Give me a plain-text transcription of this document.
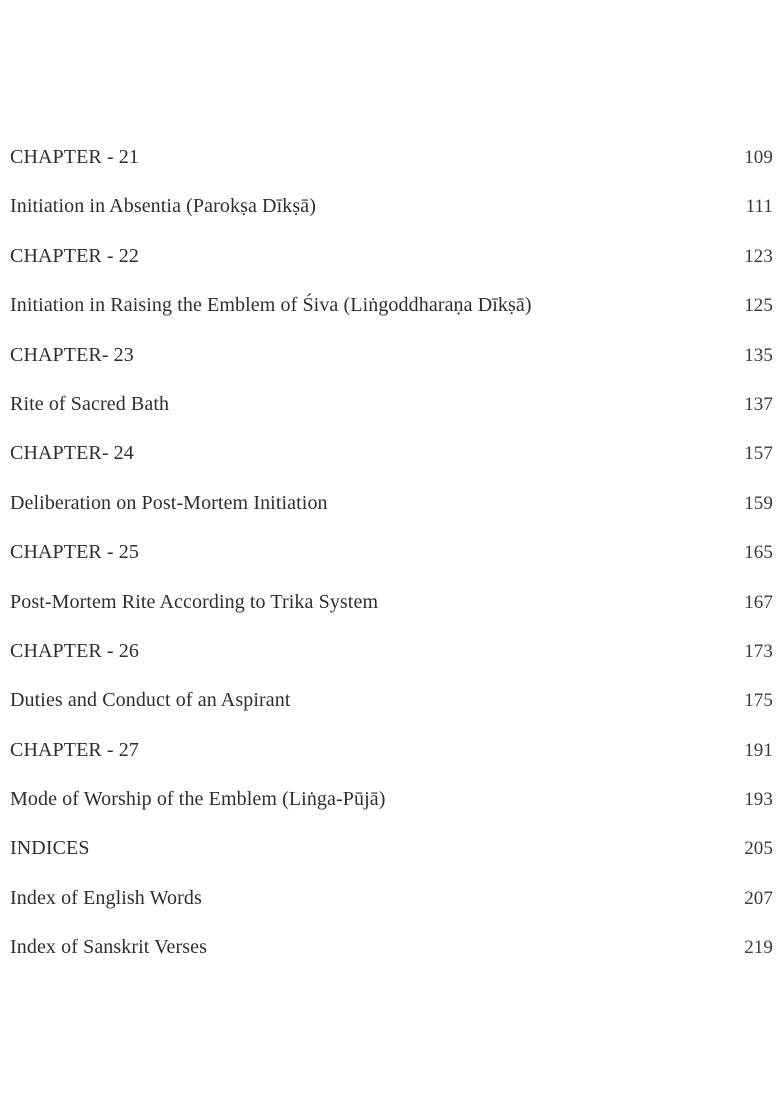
CHAPTER - 21	109
Initiation in Absentia (Parokṣa Dīkṣā)	111
CHAPTER - 22	123
Initiation in Raising the Emblem of Śiva (Liṅgoddharaṇa Dīkṣā)	125
CHAPTER- 23	135
Rite of Sacred Bath	137
CHAPTER- 24	157
Deliberation on Post-Mortem Initiation	159
CHAPTER - 25	165
Post-Mortem Rite According to Trika System	167
CHAPTER - 26	173
Duties and Conduct of an Aspirant	175
CHAPTER - 27	191
Mode of Worship of the Emblem (Liṅga-Pūjā)	193
INDICES	205
Index of English Words	207
Index of Sanskrit Verses	219
